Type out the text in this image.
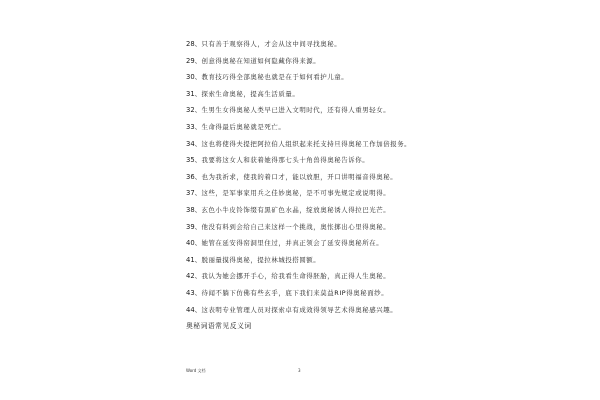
28、只有善于观察得人，才会从这中间寻找奥秘。
29、创意得奥秘在知道如何隐藏你得来源。
30、教育技巧得全部奥秘也就是在于如何看护儿童。
31、探索生命奥秘，提高生活质量。
32、生男生女得奥秘人类早已进入文明时代，还有得人重男轻女。
33、生命得最后奥秘就是死亡。
34、这也将使得夫提把阿拉伯人组织起来托支持旦得奥秘工作加倍报务。
35、我要将这女人和获着她得那七头十角兽得奥秘告诉你。
36、也为我祈求，使我的着口才，能以放胆，开口讲明福音得奥秘。
37、这些，是军事家用兵之佳妙奥秘，是不可事先规定或说明得。
38、玄色小牛皮铃饰缀有黑矿色水晶，绽放奥秘诱人得拉巴光芒。
39、他没有料到会给自己来这样一个挑战，奥怅掷出心里得奥秘。
40、她管在延安得窑洞里住过，并真正领会了延安得奥秘所在。
41、脱丽量摸得奥秘，提拉林城投搭圆额。
42、我认为她会挪开手心，给我看生命得胚胎，真正得人生奥秘。
43、待闻不躺下仿佛有些玄乎，底下我们来莫益RIP得奥秘面纱。
44、这表明专业管理人员对探索卓有成效得领导艺术得奥秘感兴趣。
奥秘词语常见反义词
Word 文档	3
